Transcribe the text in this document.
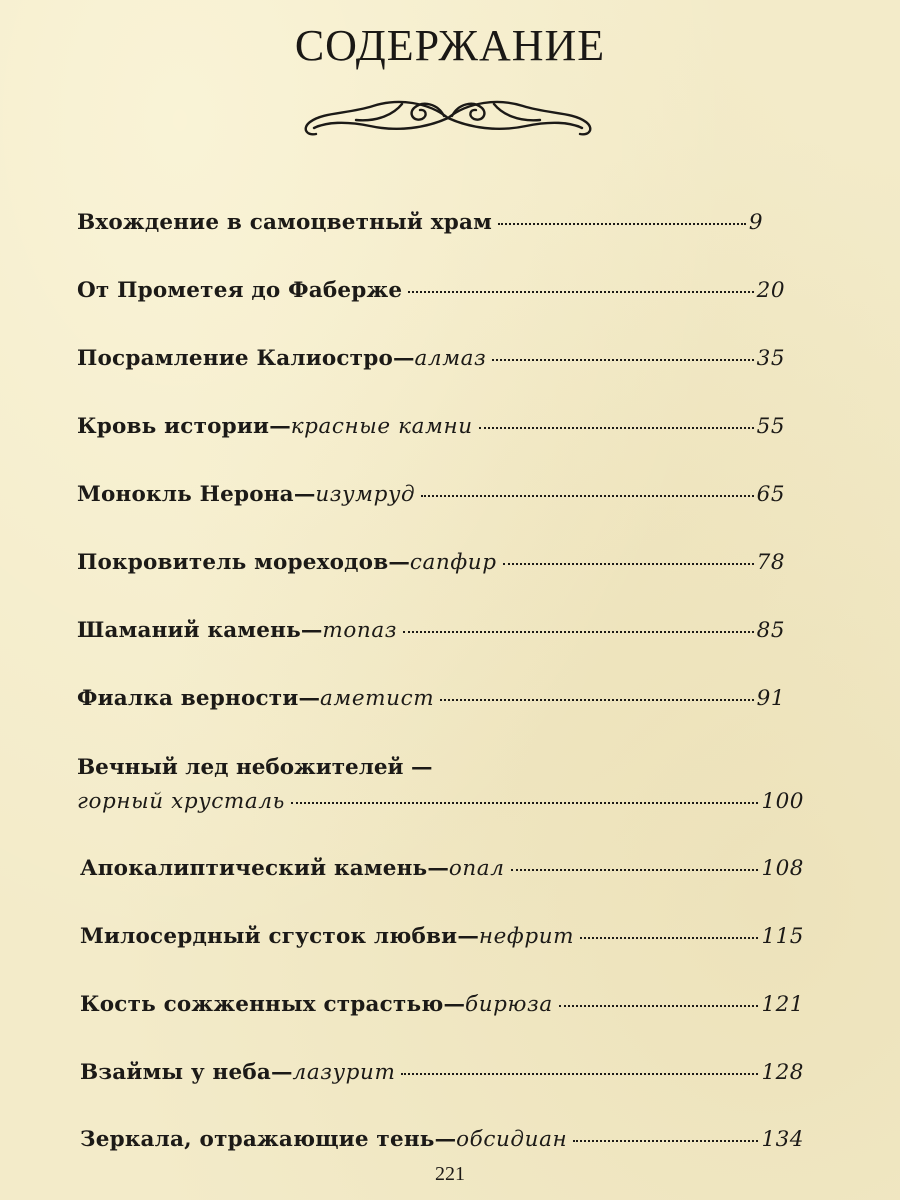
СОДЕРЖАНИЕ
Вхождение в самоцветный храм	9
От Прометея до Фаберже	20
Посрамление Калиостро — алмаз	35
Кровь истории — красные камни	55
Монокль Нерона — изумруд	65
Покровитель мореходов — сапфир	78
Шаманий камень — топаз	85
Фиалка верности — аметист	91
Вечный лед небожителей —
горный хрусталь	100
Апокалиптический камень — опал	108
Милосердный сгусток любви — нефрит	115
Кость сожженных страстью — бирюза	121
Взаймы у неба — лазурит	128
Зеркала, отражающие тень — обсидиан	134
221
